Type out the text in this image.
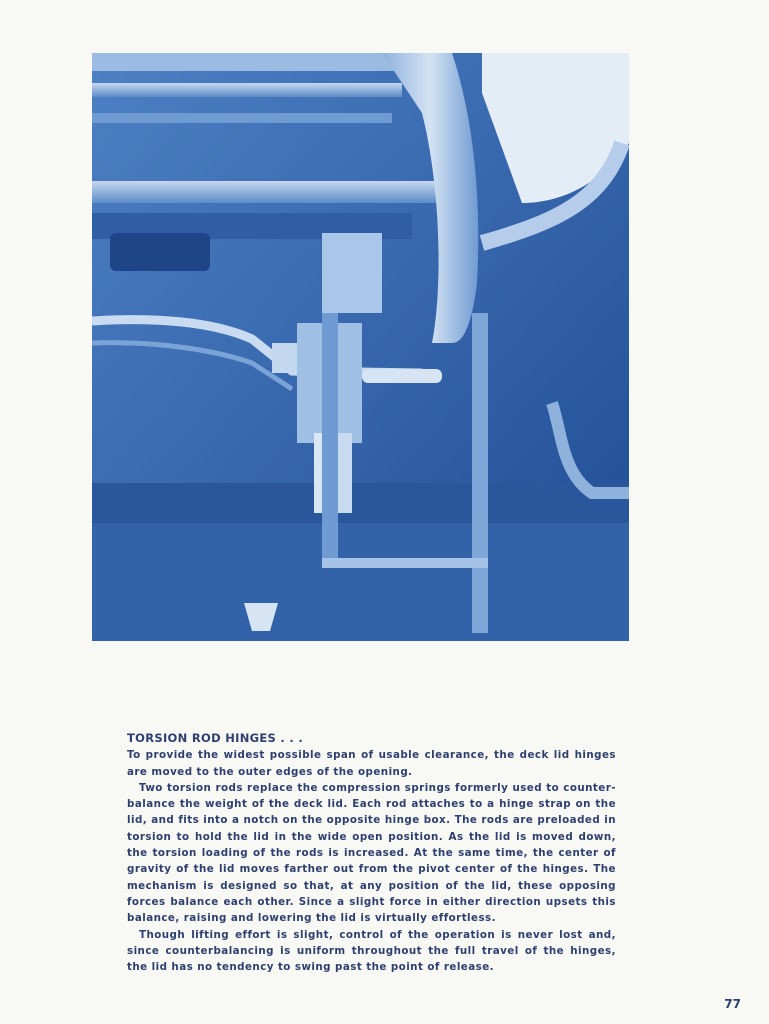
TORSION ROD HINGES . . .

To provide the widest possible span of usable clearance, the deck lid hinges are moved to the outer edges of the opening.

Two torsion rods replace the compression springs formerly used to counter-balance the weight of the deck lid. Each rod attaches to a hinge strap on the lid, and fits into a notch on the opposite hinge box. The rods are preloaded in torsion to hold the lid in the wide open position. As the lid is moved down, the torsion loading of the rods is increased. At the same time, the center of gravity of the lid moves farther out from the pivot center of the hinges. The mechanism is designed so that, at any position of the lid, these opposing forces balance each other. Since a slight force in either direction upsets this balance, raising and lowering the lid is virtually effortless.

Though lifting effort is slight, control of the operation is never lost and, since counterbalancing is uniform throughout the full travel of the hinges, the lid has no tendency to swing past the point of release.

77
